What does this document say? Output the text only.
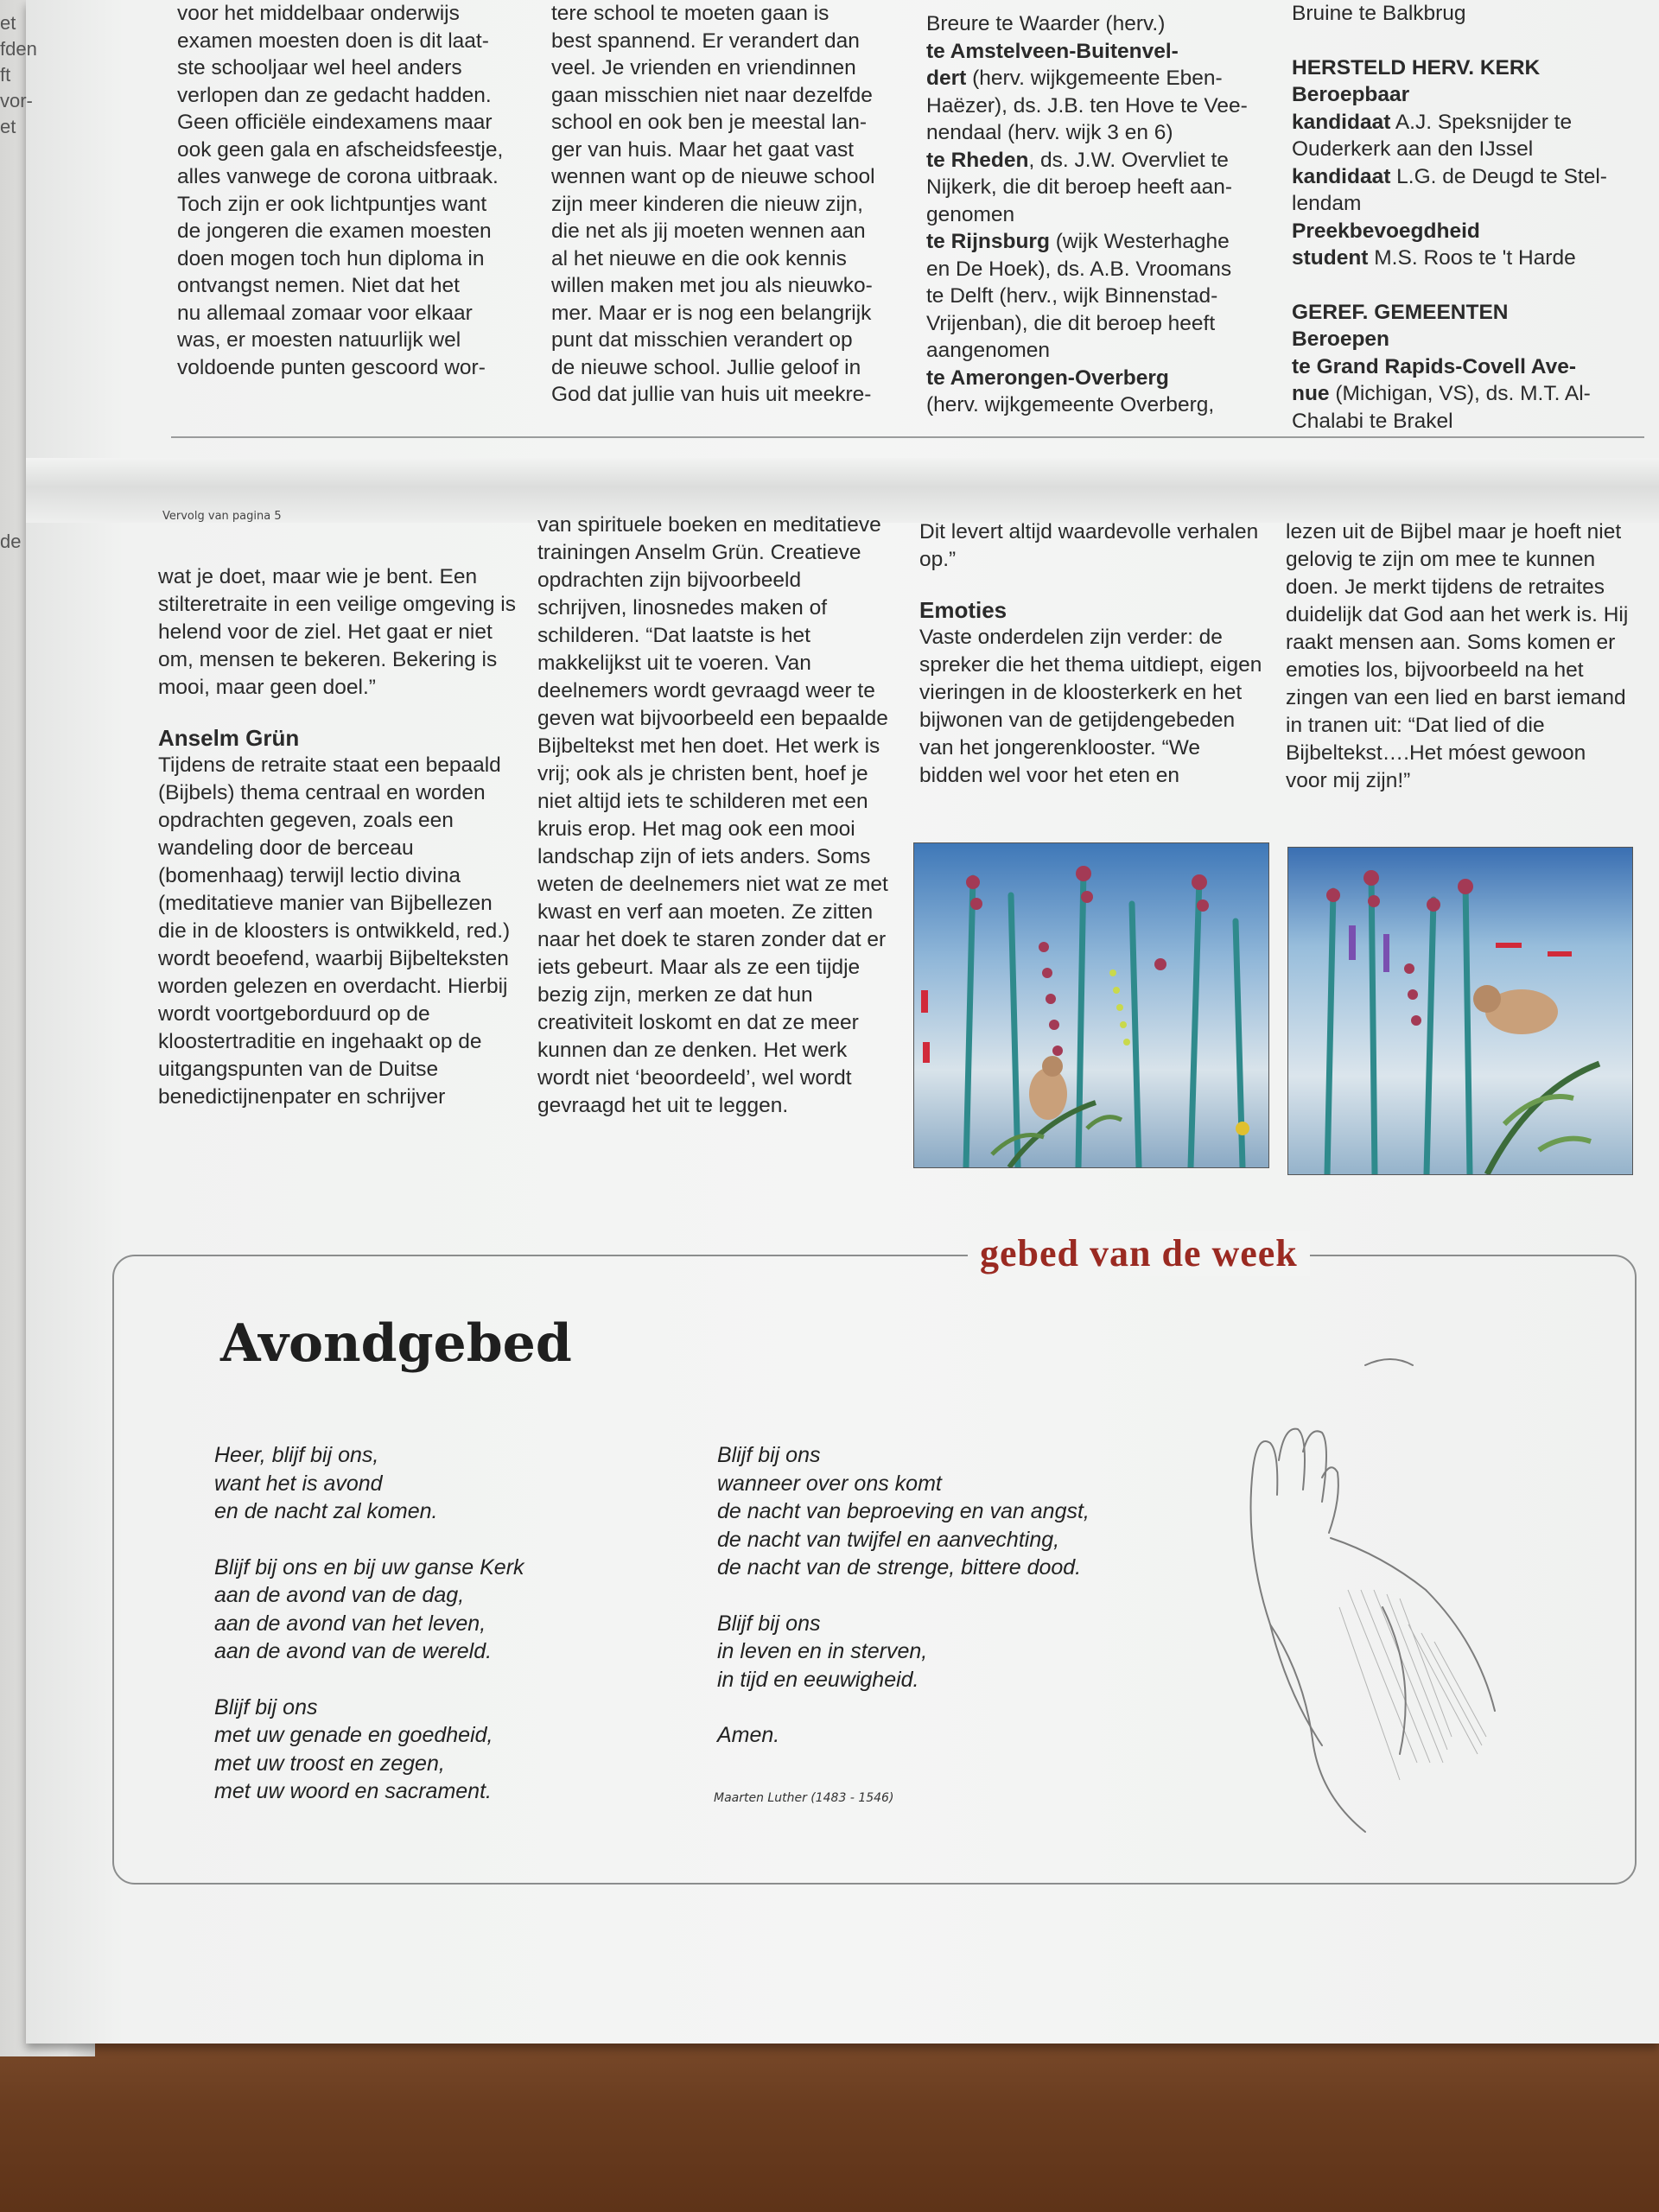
et
fden
ft
vor-
et
de
voor het middelbaar onderwijs
examen moesten doen is dit laat-
ste schooljaar wel heel anders
verlopen dan ze gedacht hadden.
Geen officiële eindexamens maar
ook geen gala en afscheidsfeestje,
alles vanwege de corona uitbraak.
Toch zijn er ook lichtpuntjes want
de jongeren die examen moesten
doen mogen toch hun diploma in
ontvangst nemen. Niet dat het
nu allemaal zomaar voor elkaar
was, er moesten natuurlijk wel
voldoende punten gescoord wor-
tere school te moeten gaan is
best spannend. Er verandert dan
veel. Je vrienden en vriendinnen
gaan misschien niet naar dezelfde
school en ook ben je meestal lan-
ger van huis. Maar het gaat vast
wennen want op de nieuwe school
zijn meer kinderen die nieuw zijn,
die net als jij moeten wennen aan
al het nieuwe en die ook kennis
willen maken met jou als nieuwko-
mer. Maar er is nog een belangrijk
punt dat misschien verandert op
de nieuwe school. Jullie geloof in
God dat jullie van huis uit meekre-
Breure te Waarder (herv.)
te Amstelveen-Buitenvel-
dert (herv. wijkgemeente Eben-
Haëzer), ds. J.B. ten Hove te Vee-
nendaal (herv. wijk 3 en 6)
te Rheden, ds. J.W. Overvliet te
Nijkerk, die dit beroep heeft aan-
genomen
te Rijnsburg (wijk Westerhaghe
en De Hoek), ds. A.B. Vroomans
te Delft (herv., wijk Binnenstad-
Vrijenban), die dit beroep heeft
aangenomen
te Amerongen-Overberg
(herv. wijkgemeente Overberg,
Bruine te Balkbrug
HERSTELD HERV. KERK
Beroepbaar
kandidaat A.J. Speksnijder te
Ouderkerk aan den IJssel
kandidaat L.G. de Deugd te Stel-
lendam
Preekbevoegdheid
student M.S. Roos te 't Harde
GEREF. GEMEENTEN
Beroepen
te Grand Rapids-Covell Ave-
nue (Michigan, VS), ds. M.T. Al-
Chalabi te Brakel
Vervolg van pagina 5

wat je doet, maar wie je bent. Een stilteretraite in een veilige omgeving is helend voor de ziel. Het gaat er niet om, mensen te bekeren. Bekering is mooi, maar geen doel.”

Anselm Grün

Tijdens de retraite staat een bepaald (Bijbels) thema centraal en worden opdrachten gegeven, zoals een wandeling door de berceau (bomenhaag) terwijl lectio divina (meditatieve manier van Bijbellezen die in de kloosters is ontwikkeld, red.) wordt beoefend, waarbij Bijbelteksten worden gelezen en overdacht. Hierbij wordt voortgeborduurd op de kloostertraditie en ingehaakt op de uitgangspunten van de Duitse benedictijnenpater en schrijver

van spirituele boeken en meditatieve trainingen Anselm Grün. Creatieve opdrachten zijn bijvoorbeeld schrijven, linosnedes maken of schilderen. “Dat laatste is het makkelijkst uit te voeren. Van deelnemers wordt gevraagd weer te geven wat bijvoorbeeld een bepaalde Bijbeltekst met hen doet. Het werk is vrij; ook als je christen bent, hoef je niet altijd iets te schilderen met een kruis erop. Het mag ook een mooi landschap zijn of iets anders. Soms weten de deelnemers niet wat ze met kwast en verf aan moeten. Ze zitten naar het doek te staren zonder dat er iets gebeurt. Maar als ze een tijdje bezig zijn, merken ze dat hun creativiteit loskomt en dat ze meer kunnen dan ze denken. Het werk wordt niet ‘beoordeeld’, wel wordt gevraagd het uit te leggen.

Dit levert altijd waardevolle verhalen op.”

Emoties

Vaste onderdelen zijn verder: de spreker die het thema uitdiept, eigen vieringen in de kloosterkerk en het bijwonen van de getijdengebeden van het jongerenklooster. “We bidden wel voor het eten en

lezen uit de Bijbel maar je hoeft niet gelovig te zijn om mee te kunnen doen. Je merkt tijdens de retraites duidelijk dat God aan het werk is. Hij raakt mensen aan. Soms komen er emoties los, bijvoorbeeld na het zingen van een lied en barst iemand in tranen uit: “Dat lied of die Bijbeltekst….Het móest gewoon voor mij zijn!”
gebed van de week
Avondgebed

Heer, blijf bij ons,
want het is avond
en de nacht zal komen.

Blijf bij ons en bij uw ganse Kerk
aan de avond van de dag,
aan de avond van het leven,
aan de avond van de wereld.

Blijf bij ons
met uw genade en goedheid,
met uw troost en zegen,
met uw woord en sacrament.

Blijf bij ons
wanneer over ons komt
de nacht van beproeving en van angst,
de nacht van twijfel en aanvechting,
de nacht van de strenge, bittere dood.

Blijf bij ons
in leven en in sterven,
in tijd en eeuwigheid.

Amen.

Maarten Luther (1483 - 1546)
